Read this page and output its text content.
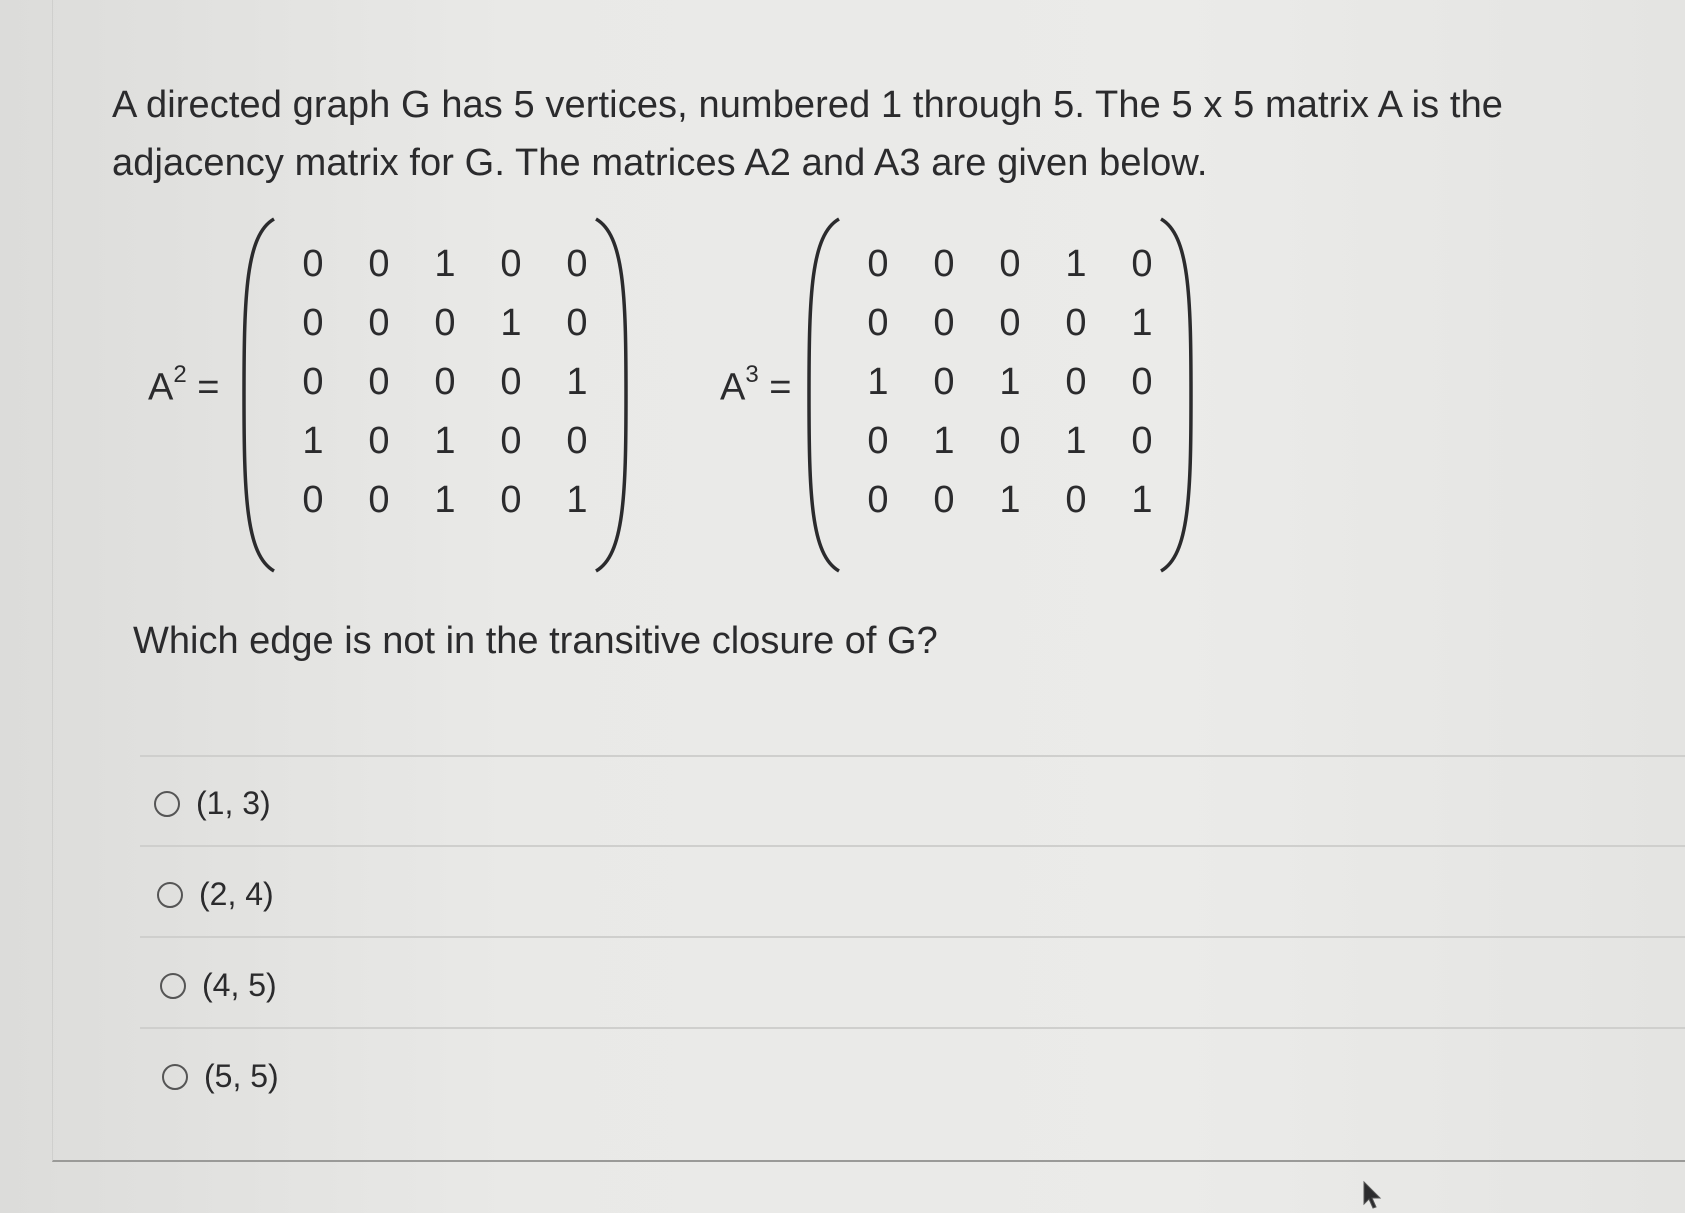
A directed graph G has 5 vertices, numbered 1 through 5. The 5 x 5 matrix A is the adjacency matrix for G. The matrices A2 and A3 are given below.
$A^2$ =
0	0	1	0	0
0	0	0	1	0
0	0	0	0	1
1	0	1	0	0
0	0	1	0	1
$A^3$ =
0	0	0	1	0
0	0	0	0	1
1	0	1	0	0
0	1	0	1	0
0	0	1	0	1
Which edge is not in the transitive closure of G?
(1, 3)
(2, 4)
(4, 5)
(5, 5)
